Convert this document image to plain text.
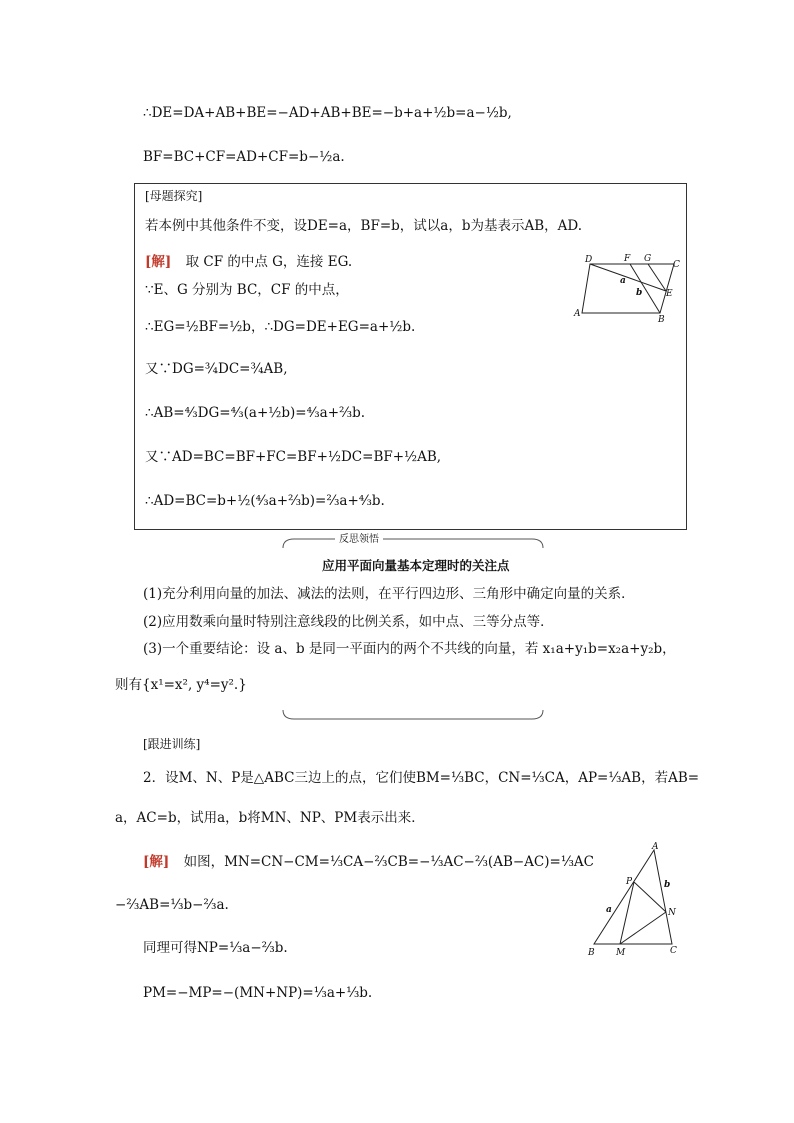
∴DE=DA+AB+BE=−AD+AB+BE=−b+a+½b=a−½b,
BF=BC+CF=AD+CF=b−½a.
[母题探究]
若本例中其他条件不变，设DE=a，BF=b，试以a，b为基表示AB，AD.
[解] 取 CF 的中点 G，连接 EG.
∵E、G 分别为 BC，CF 的中点，
∴EG=½BF=½b，∴DG=DE+EG=a+½b.
又∵DG=¾DC=¾AB,
∴AB=⁴⁄₃DG=⁴⁄₃(a+½b)=⁴⁄₃a+⅔b.
又∵AD=BC=BF+FC=BF+½DC=BF+½AB,
∴AD=BC=b+½(⁴⁄₃a+⅔b)=⅔a+⁴⁄₃b.
D	F G
C
A
B
E
a
b
反思领悟
应用平面向量基本定理时的关注点
(1)充分利用向量的加法、减法的法则，在平行四边形、三角形中确定向量的关系．
(2)应用数乘向量时特别注意线段的比例关系，如中点、三等分点等．
(3)一个重要结论：设 a、b 是同一平面内的两个不共线的向量，若 x₁a+y₁b=x₂a+y₂b，
则有{x¹=x², y⁴=y².}
[跟进训练]
2．设M、N、P是△ABC三边上的点，它们使BM=⅓BC，CN=⅓CA，AP=⅓AB，若AB=
a，AC=b，试用a，b将MN、NP、PM表示出来．
[解] 如图，MN=CN−CM=⅓CA−⅔CB=−⅓AC−⅔(AB−AC)=⅓AC
−⅔AB=⅓b−⅔a.
同理可得NP=⅓a−⅔b.
PM=−MP=−(MN+NP)=⅓a+⅓b.
A
P	b
a	N
B M	C
